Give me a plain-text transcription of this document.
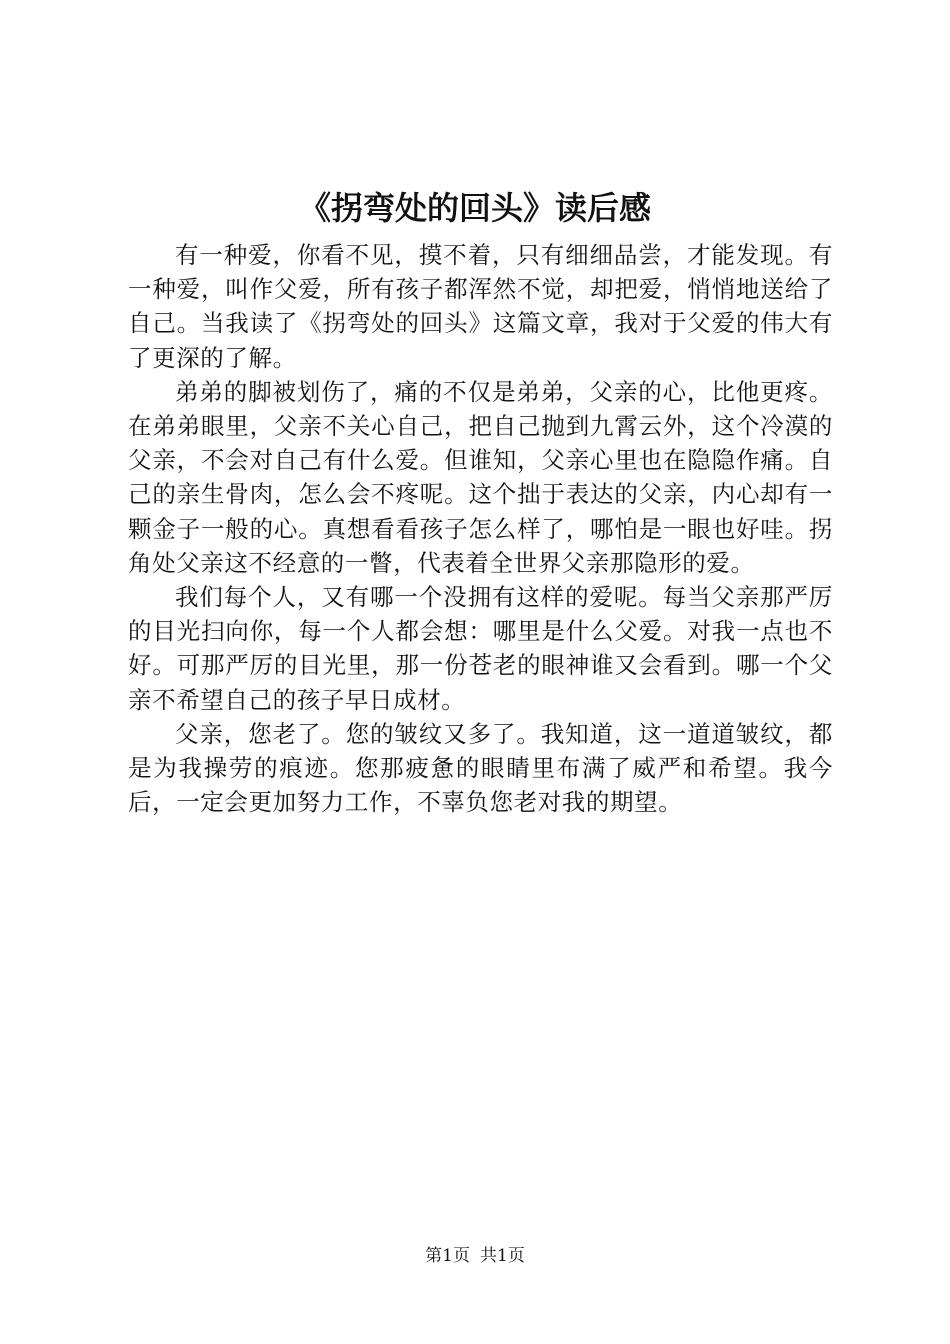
《拐弯处的回头》读后感

有一种爱，你看不见，摸不着，只有细细品尝，才能发现。有一种爱，叫作父爱，所有孩子都浑然不觉，却把爱，悄悄地送给了自己。当我读了《拐弯处的回头》这篇文章，我对于父爱的伟大有了更深的了解。

弟弟的脚被划伤了，痛的不仅是弟弟，父亲的心，比他更疼。在弟弟眼里，父亲不关心自己，把自己抛到九霄云外，这个冷漠的父亲，不会对自己有什么爱。但谁知，父亲心里也在隐隐作痛。自己的亲生骨肉，怎么会不疼呢。这个拙于表达的父亲，内心却有一颗金子一般的心。真想看看孩子怎么样了，哪怕是一眼也好哇。拐角处父亲这不经意的一瞥，代表着全世界父亲那隐形的爱。

我们每个人，又有哪一个没拥有这样的爱呢。每当父亲那严厉的目光扫向你，每一个人都会想：哪里是什么父爱。对我一点也不好。可那严厉的目光里，那一份苍老的眼神谁又会看到。哪一个父亲不希望自己的孩子早日成材。

父亲，您老了。您的皱纹又多了。我知道，这一道道皱纹，都是为我操劳的痕迹。您那疲惫的眼睛里布满了威严和希望。我今后，一定会更加努力工作，不辜负您老对我的期望。

第1页 共1页
